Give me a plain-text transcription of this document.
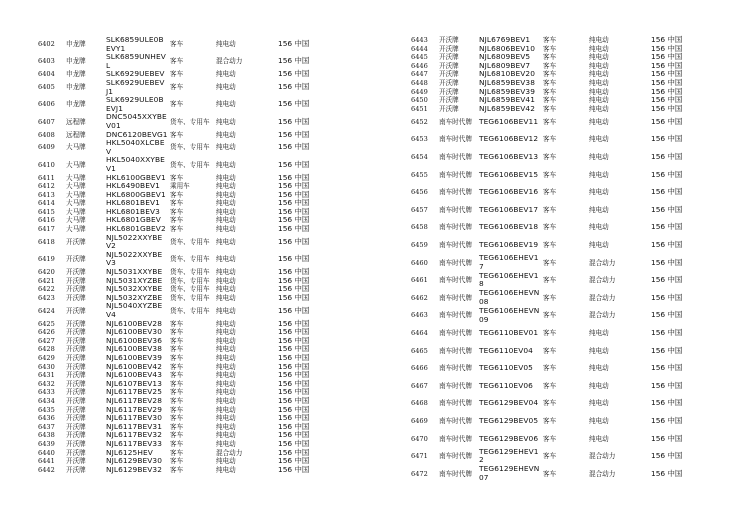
6402	申龙牌
SLK6859ULE0B
EVY1	客车	纯电动	156 中国
6403	申龙牌
SLK6859UNHEV
L	客车	混合动力	156 中国
6404	申龙牌	SLK6929UEBEV 客车	纯电动	156 中国
6405	申龙牌
SLK6929UEBEV
J1	客车	纯电动	156 中国
6406	申龙牌
SLK6929ULE0B
EVJ1	客车	纯电动	156 中国
6407	远程牌
DNC5045XXYBE
V01	货车、专用车 纯电动	156 中国
6408	远程牌	DNC6120BEVG1 客车	纯电动	156 中国
6409	大马牌
HKL5040XLCBE
V	货车、专用车 纯电动	156 中国
6410	大马牌
HKL5040XXYBE
V1	货车、专用车 纯电动	156 中国
6411	大马牌	HKL6100GBEV1 客车	纯电动	156 中国
6412	大马牌	HKL6490BEV1	乘用车	纯电动	156 中国
6413	大马牌	HKL6800GBEV1 客车	纯电动	156 中国
6414	大马牌	HKL6801BEV1	客车	纯电动	156 中国
6415	大马牌	HKL6801BEV3	客车	纯电动	156 中国
6416	大马牌	HKL6801GBEV	客车	纯电动	156 中国
6417	大马牌	HKL6801GBEV2 客车	纯电动	156 中国
6418	开沃牌
NJL5022XXYBE
V2	货车、专用车 纯电动	156 中国
6419	开沃牌
NJL5022XXYBE
V3	货车、专用车 纯电动	156 中国
6420	开沃牌	NJL5031XXYBE	货车、专用车 纯电动	156 中国
6421	开沃牌	NJL5031XYZBE	货车、专用车 纯电动	156 中国
6422	开沃牌	NJL5032XXYBE	货车、专用车 纯电动	156 中国
6423	开沃牌	NJL5032XYZBE	货车、专用车 纯电动	156 中国
6424	开沃牌
NJL5040XYZBE
V4	货车、专用车 纯电动	156 中国
6425	开沃牌	NJL6100BEV28	客车	纯电动	156 中国
6426	开沃牌	NJL6100BEV30	客车	纯电动	156 中国
6427	开沃牌	NJL6100BEV36	客车	纯电动	156 中国
6428	开沃牌	NJL6100BEV38	客车	纯电动	156 中国
6429	开沃牌	NJL6100BEV39	客车	纯电动	156 中国
6430	开沃牌	NJL6100BEV42	客车	纯电动	156 中国
6431	开沃牌	NJL6100BEV43	客车	纯电动	156 中国
6432	开沃牌	NJL6107BEV13	客车	纯电动	156 中国
6433	开沃牌	NJL6117BEV25	客车	纯电动	156 中国
6434	开沃牌	NJL6117BEV28	客车	纯电动	156 中国
6435	开沃牌	NJL6117BEV29	客车	纯电动	156 中国
6436	开沃牌	NJL6117BEV30	客车	纯电动	156 中国
6437	开沃牌	NJL6117BEV31	客车	纯电动	156 中国
6438	开沃牌	NJL6117BEV32	客车	纯电动	156 中国
6439	开沃牌	NJL6117BEV33	客车	纯电动	156 中国
6440	开沃牌	NJL6125HEV	客车	混合动力	156 中国
6441	开沃牌	NJL6129BEV30	客车	纯电动	156 中国
6442	开沃牌	NJL6129BEV32	客车	纯电动	156 中国
6443	开沃牌	NJL6769BEV1	客车	纯电动	156 中国
6444	开沃牌	NJL6806BEV10	客车	纯电动	156 中国
6445	开沃牌	NJL6809BEV5	客车	纯电动	156 中国
6446	开沃牌	NJL6809BEV7	客车	纯电动	156 中国
6447	开沃牌	NJL6810BEV20	客车	纯电动	156 中国
6448	开沃牌	NJL6859BEV38	客车	纯电动	156 中国
6449	开沃牌	NJL6859BEV39	客车	纯电动	156 中国
6450	开沃牌	NJL6859BEV41	客车	纯电动	156 中国
6451	开沃牌	NJL6859BEV42	客车	纯电动	156 中国
6452	南车时代牌 TEG6106BEV11 客车	纯电动	156 中国
6453	南车时代牌 TEG6106BEV12 客车	纯电动	156 中国
6454	南车时代牌 TEG6106BEV13 客车	纯电动	156 中国
6455	南车时代牌 TEG6106BEV15 客车	纯电动	156 中国
6456	南车时代牌 TEG6106BEV16 客车	纯电动	156 中国
6457	南车时代牌 TEG6106BEV17 客车	纯电动	156 中国
6458	南车时代牌 TEG6106BEV18 客车	纯电动	156 中国
6459	南车时代牌 TEG6106BEV19 客车	纯电动	156 中国
6460	南车时代牌
TEG6106EHEV1
7	客车	混合动力	156 中国
6461	南车时代牌
TEG6106EHEV1
8	客车	混合动力	156 中国
6462	南车时代牌
TEG6106EHEVN
08	客车	混合动力	156 中国
6463	南车时代牌
TEG6106EHEVN
09	客车	混合动力	156 中国
6464	南车时代牌 TEG6110BEV01 客车	纯电动	156 中国
6465	南车时代牌 TEG6110EV04	客车	纯电动	156 中国
6466	南车时代牌 TEG6110EV05	客车	纯电动	156 中国
6467	南车时代牌 TEG6110EV06	客车	纯电动	156 中国
6468	南车时代牌 TEG6129BEV04 客车	纯电动	156 中国
6469	南车时代牌 TEG6129BEV05 客车	纯电动	156 中国
6470	南车时代牌 TEG6129BEV06 客车	纯电动	156 中国
6471	南车时代牌
TEG6129EHEV1
2	客车	混合动力	156 中国
6472	南车时代牌
TEG6129EHEVN
07	客车	混合动力	156 中国
